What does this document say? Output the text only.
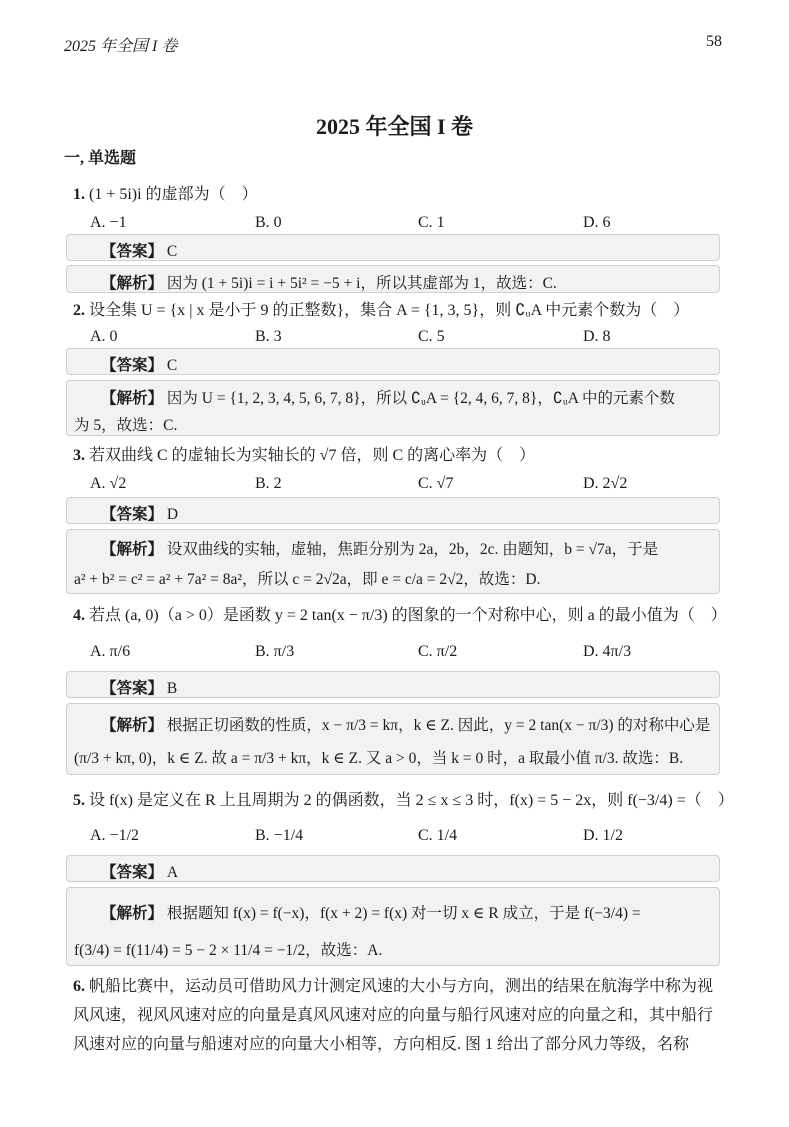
2025 年全国 I 卷	58
2025 年全国 I 卷
一, 单选题
1. (1 + 5i)i 的虚部为（　）
A. −1	B. 0	C. 1	D. 6
【答案】 C
【解析】 因为 (1 + 5i)i = i + 5i² = −5 + i，所以其虚部为 1，故选：C.
2. 设全集 U = {x | x 是小于 9 的正整数}，集合 A = {1, 3, 5}，则 ∁ᵤA 中元素个数为（　）
A. 0	B. 3	C. 5	D. 8
【答案】 C
【解析】 因为 U = {1, 2, 3, 4, 5, 6, 7, 8}，所以 ∁ᵤA = {2, 4, 6, 7, 8}，∁ᵤA 中的元素个数
为 5，故选：C.
3. 若双曲线 C 的虚轴长为实轴长的 √7 倍，则 C 的离心率为（　）
A. √2	B. 2	C. √7	D. 2√2
【答案】 D
【解析】 设双曲线的实轴，虚轴，焦距分别为 2a，2b，2c. 由题知，b = √7a，于是
a² + b² = c² = a² + 7a² = 8a²，所以 c = 2√2a，即 e = c/a = 2√2，故选：D.
4. 若点 (a, 0)（a > 0）是函数 y = 2 tan(x − π/3) 的图象的一个对称中心，则 a 的最小值为（　）
A. π/6	B. π/3	C. π/2	D. 4π/3
【答案】 B
【解析】 根据正切函数的性质，x − π/3 = kπ，k ∈ Z. 因此，y = 2 tan(x − π/3) 的对称中心是
(π/3 + kπ, 0)，k ∈ Z. 故 a = π/3 + kπ，k ∈ Z. 又 a > 0，当 k = 0 时，a 取最小值 π/3. 故选：B.
5. 设 f(x) 是定义在 R 上且周期为 2 的偶函数，当 2 ≤ x ≤ 3 时，f(x) = 5 − 2x，则 f(−3/4) =（　）
A. −1/2	B. −1/4	C. 1/4	D. 1/2
【答案】 A
【解析】 根据题知 f(x) = f(−x)，f(x + 2) = f(x) 对一切 x ∈ R 成立，于是 f(−3/4) =
f(3/4) = f(11/4) = 5 − 2 × 11/4 = −1/2，故选：A.
6. 帆船比赛中，运动员可借助风力计测定风速的大小与方向，测出的结果在航海学中称为视风风速，视风风速对应的向量是真风风速对应的向量与船行风速对应的向量之和，其中船行风速对应的向量与船速对应的向量大小相等，方向相反. 图 1 给出了部分风力等级，名称
